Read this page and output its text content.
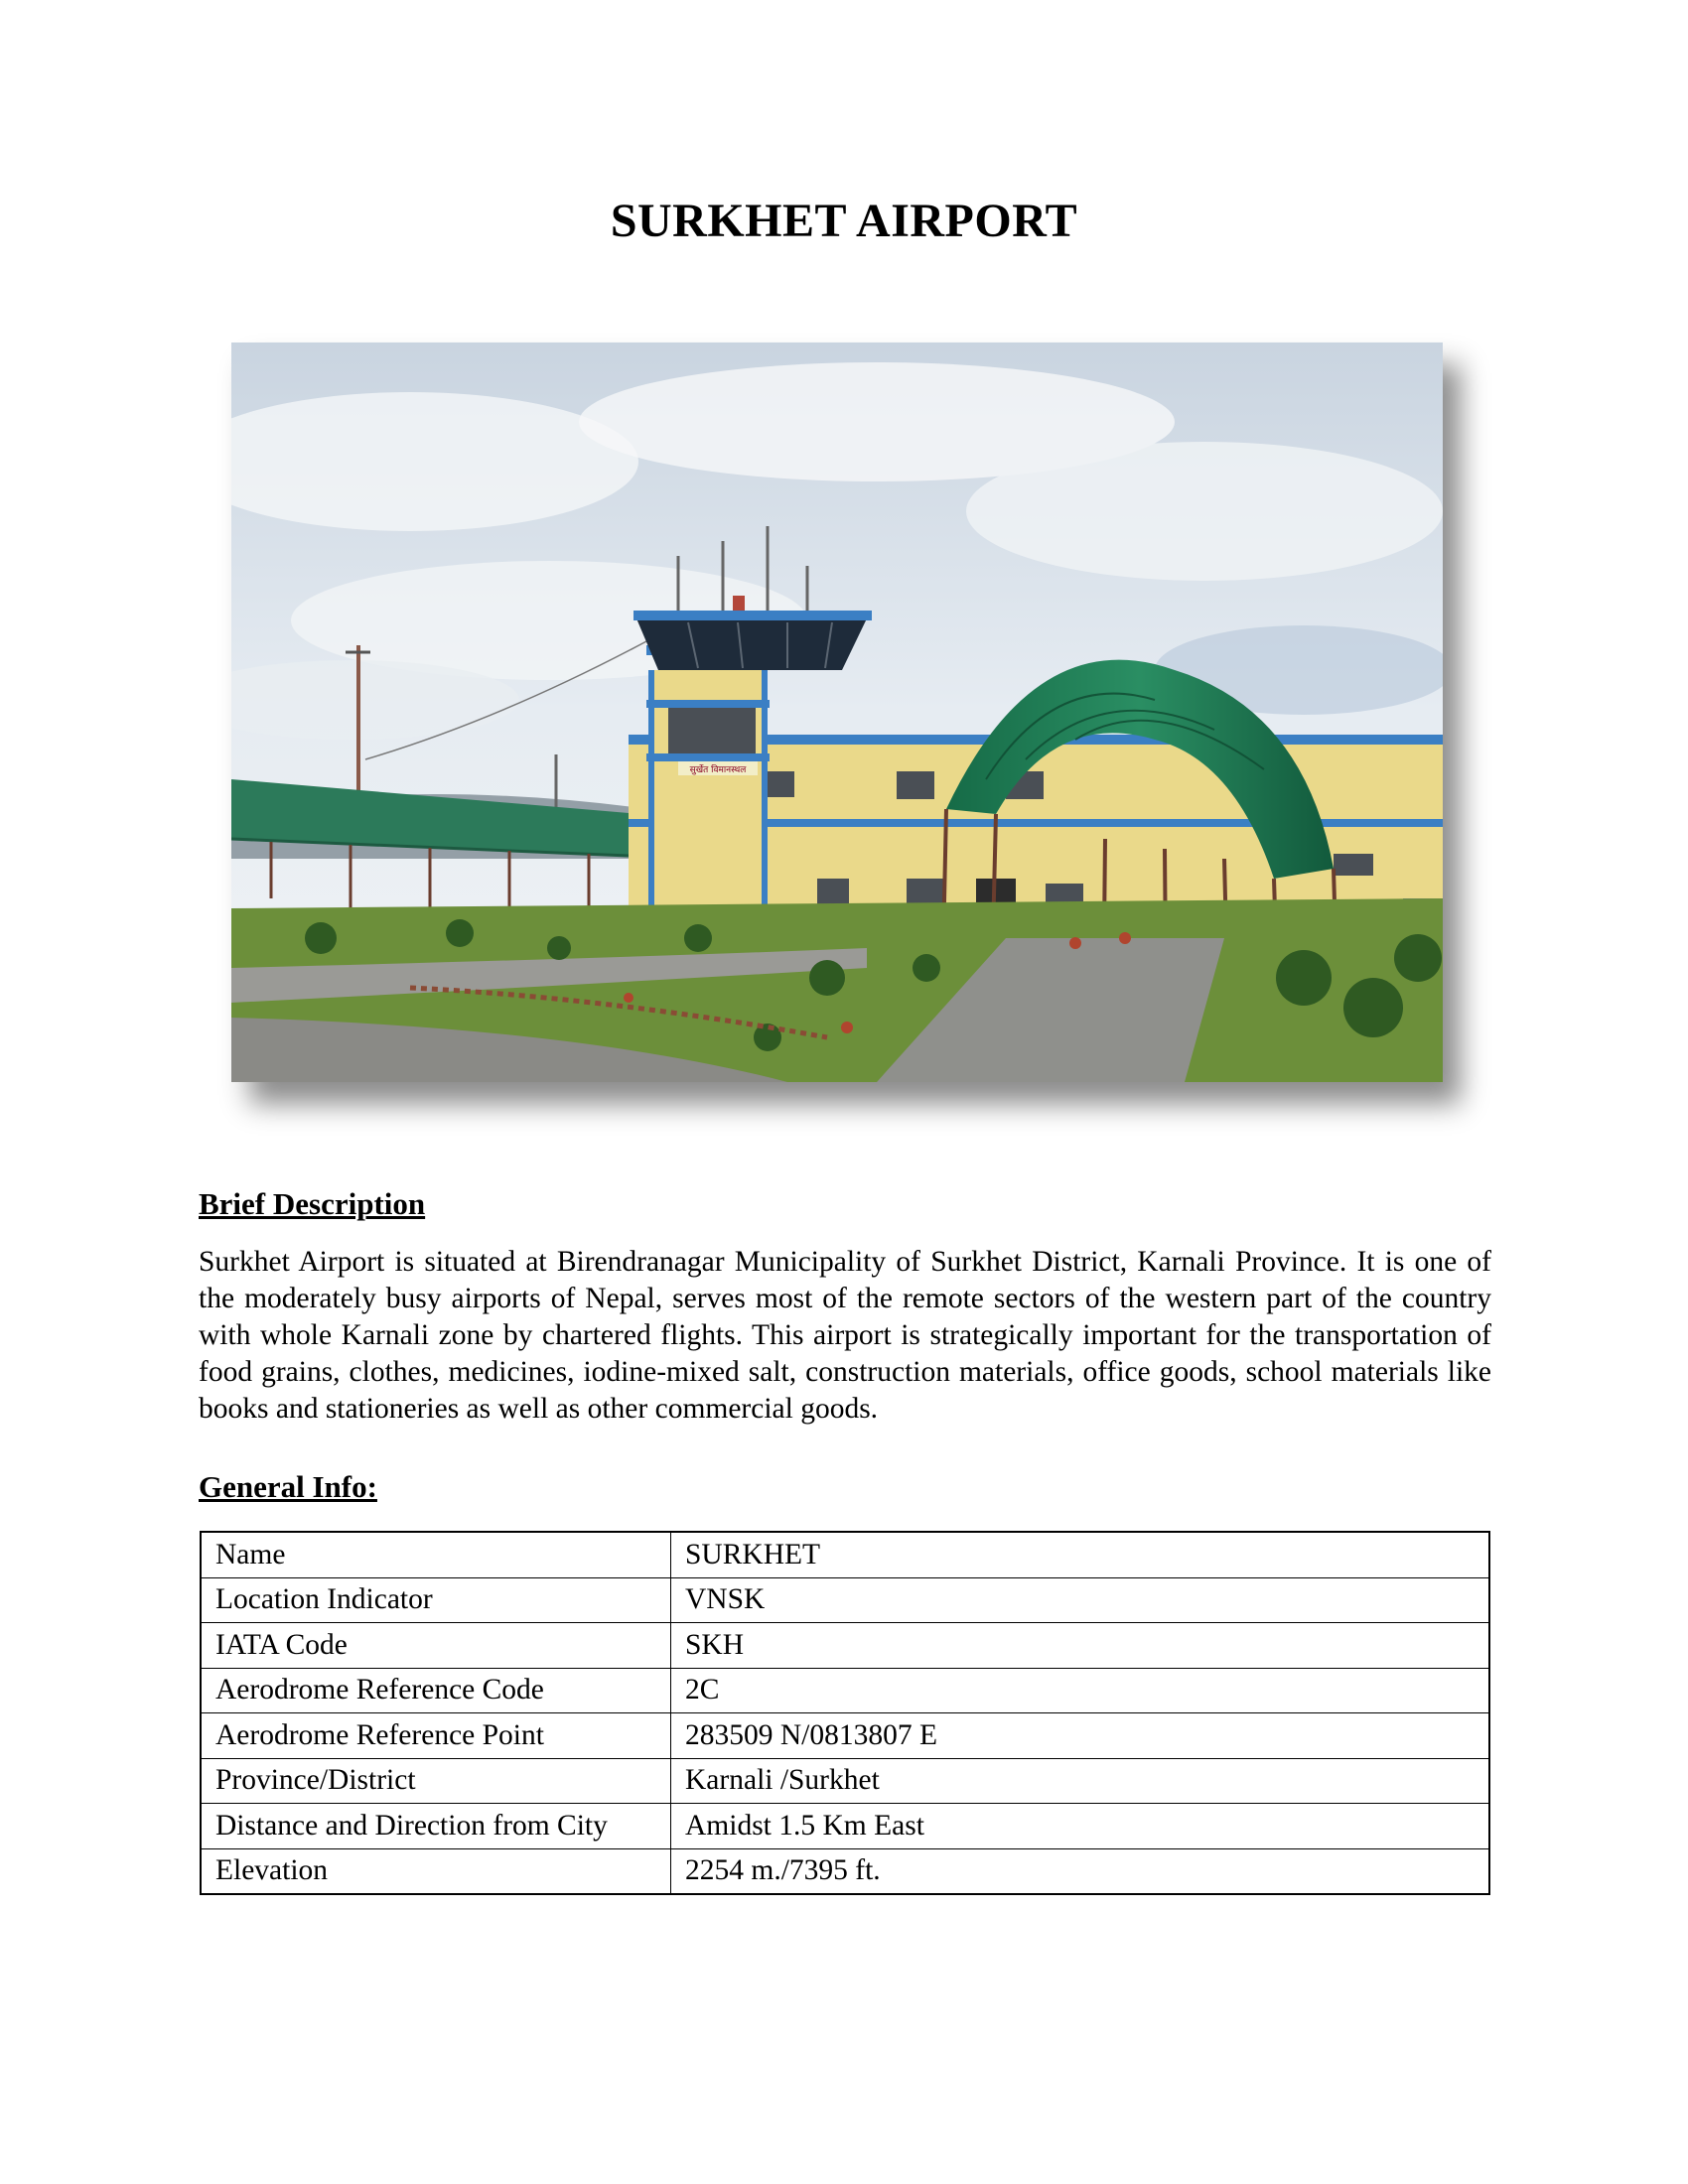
SURKHET AIRPORT
सुर्खेत विमानस्थल
Brief Description

Surkhet Airport is situated at Birendranagar Municipality of Surkhet District, Karnali Province. It is one of the moderately busy airports of Nepal, serves most of the remote sectors of the western part of the country with whole Karnali zone by chartered flights. This airport is strategically important for the transportation of food grains, clothes, medicines, iodine-mixed salt, construction materials, office goods, school materials like books and stationeries as well as other commercial goods.

General Info:
Name	SURKHET
Location Indicator	VNSK
IATA Code	SKH
Aerodrome Reference Code	2C
Aerodrome Reference Point	283509 N/0813807 E
Province/District	Karnali /Surkhet
Distance and Direction from City	Amidst 1.5 Km East
Elevation	2254 m./7395 ft.
